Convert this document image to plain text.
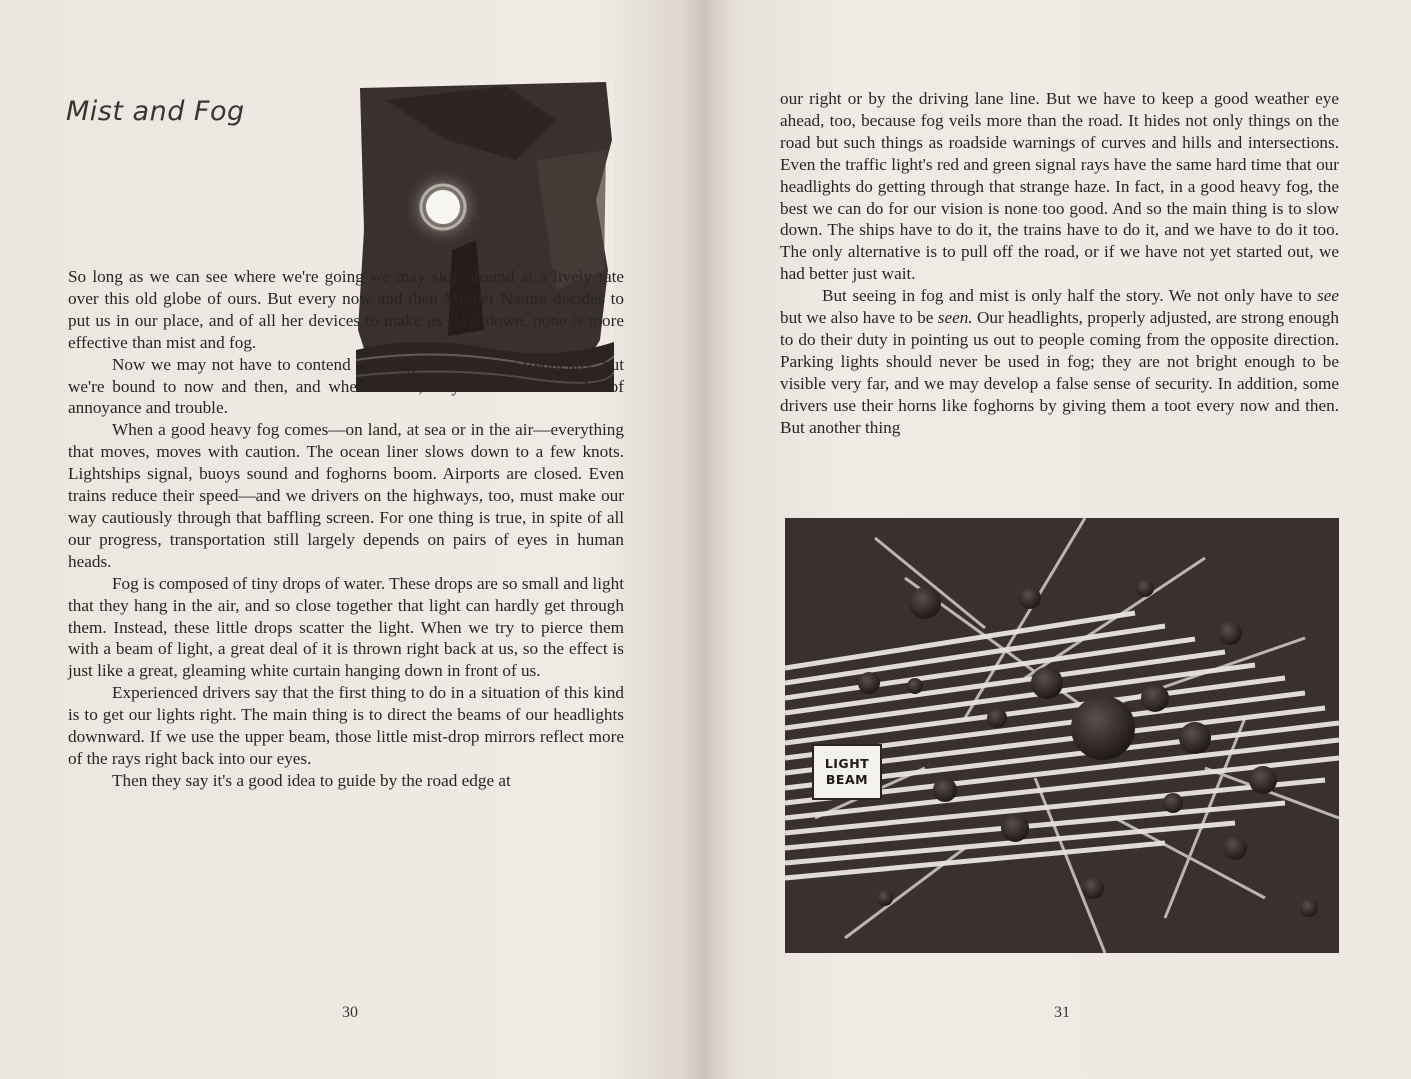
Mist and Fog

So long as we can see where we're going we may skip around at a lively rate over this old globe of ours. But every now and then Mother Nature decides to put us in our place, and of all her devices to make us slow down, none is more effective than mist and fog.

Now we may not have to contend with fog and mist very frequently, but we're bound to now and then, and when we do, they can cause us a lot of annoyance and trouble.

When a good heavy fog comes—on land, at sea or in the air—everything that moves, moves with caution. The ocean liner slows down to a few knots. Lightships signal, buoys sound and foghorns boom. Airports are closed. Even trains reduce their speed—and we drivers on the highways, too, must make our way cautiously through that baffling screen. For one thing is true, in spite of all our progress, transportation still largely depends on pairs of eyes in human heads.

Fog is composed of tiny drops of water. These drops are so small and light that they hang in the air, and so close together that light can hardly get through them. Instead, these little drops scatter the light. When we try to pierce them with a beam of light, a great deal of it is thrown right back at us, so the effect is just like a great, gleaming white curtain hanging down in front of us.

Experienced drivers say that the first thing to do in a situation of this kind is to get our lights right. The main thing is to direct the beams of our headlights downward. If we use the upper beam, those little mist-drop mirrors reflect more of the rays right back into our eyes.

Then they say it's a good idea to guide by the road edge at

30

our right or by the driving lane line. But we have to keep a good weather eye ahead, too, because fog veils more than the road. It hides not only things on the road but such things as roadside warnings of curves and hills and intersections. Even the traffic light's red and green signal rays have the same hard time that our headlights do getting through that strange haze. In fact, in a good heavy fog, the best we can do for our vision is none too good. And so the main thing is to slow down. The ships have to do it, the trains have to do it, and we have to do it too. The only alternative is to pull off the road, or if we have not yet started out, we had better just wait.

But seeing in fog and mist is only half the story. We not only have to see but we also have to be seen. Our headlights, properly adjusted, are strong enough to do their duty in pointing us out to people coming from the opposite direction. Parking lights should never be used in fog; they are not bright enough to be visible very far, and we may develop a false sense of security. In addition, some drivers use their horns like foghorns by giving them a toot every now and then. But another thing

LIGHT
BEAM
31
